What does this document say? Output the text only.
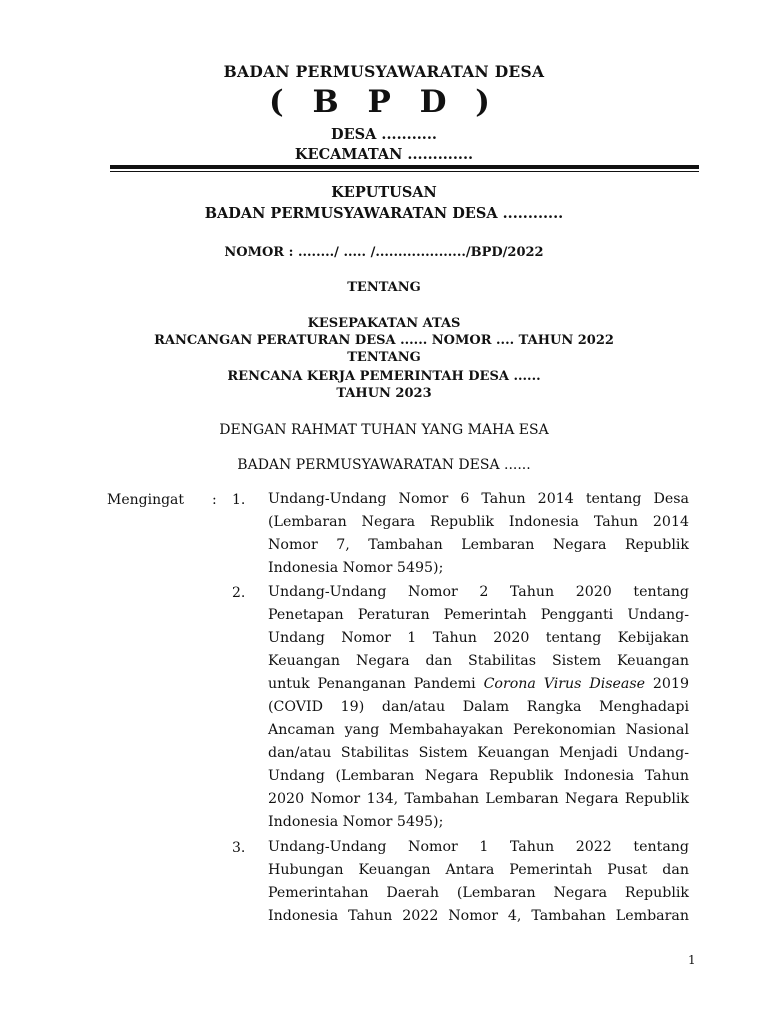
BADAN PERMUSYAWARATAN DESA
( B P D )
DESA ...........
KECAMATAN .............
KEPUTUSAN
BADAN PERMUSYAWARATAN DESA ............
NOMOR : ......../ ..... /..................../BPD/2022
TENTANG
KESEPAKATAN ATAS
RANCANGAN PERATURAN DESA ...... NOMOR .... TAHUN 2022
TENTANG
RENCANA KERJA PEMERINTAH DESA ......
TAHUN 2023
DENGAN RAHMAT TUHAN YANG MAHA ESA
BADAN PERMUSYAWARATAN DESA ......
Mengingat : 1. Undang-Undang Nomor 6 Tahun 2014 tentang Desa
(Lembaran Negara Republik Indonesia Tahun 2014
Nomor 7, Tambahan Lembaran Negara Republik
Indonesia Nomor 5495);
2. Undang-Undang Nomor 2 Tahun 2020 tentang
Penetapan Peraturan Pemerintah Pengganti Undang-
Undang Nomor 1 Tahun 2020 tentang Kebijakan
Keuangan Negara dan Stabilitas Sistem Keuangan
untuk Penanganan Pandemi Corona Virus Disease 2019
(COVID 19) dan/atau Dalam Rangka Menghadapi
Ancaman yang Membahayakan Perekonomian Nasional
dan/atau Stabilitas Sistem Keuangan Menjadi Undang-
Undang (Lembaran Negara Republik Indonesia Tahun
2020 Nomor 134, Tambahan Lembaran Negara Republik
Indonesia Nomor 5495);
3. Undang-Undang Nomor 1 Tahun 2022 tentang
Hubungan Keuangan Antara Pemerintah Pusat dan
Pemerintahan Daerah (Lembaran Negara Republik
Indonesia Tahun 2022 Nomor 4, Tambahan Lembaran
1
